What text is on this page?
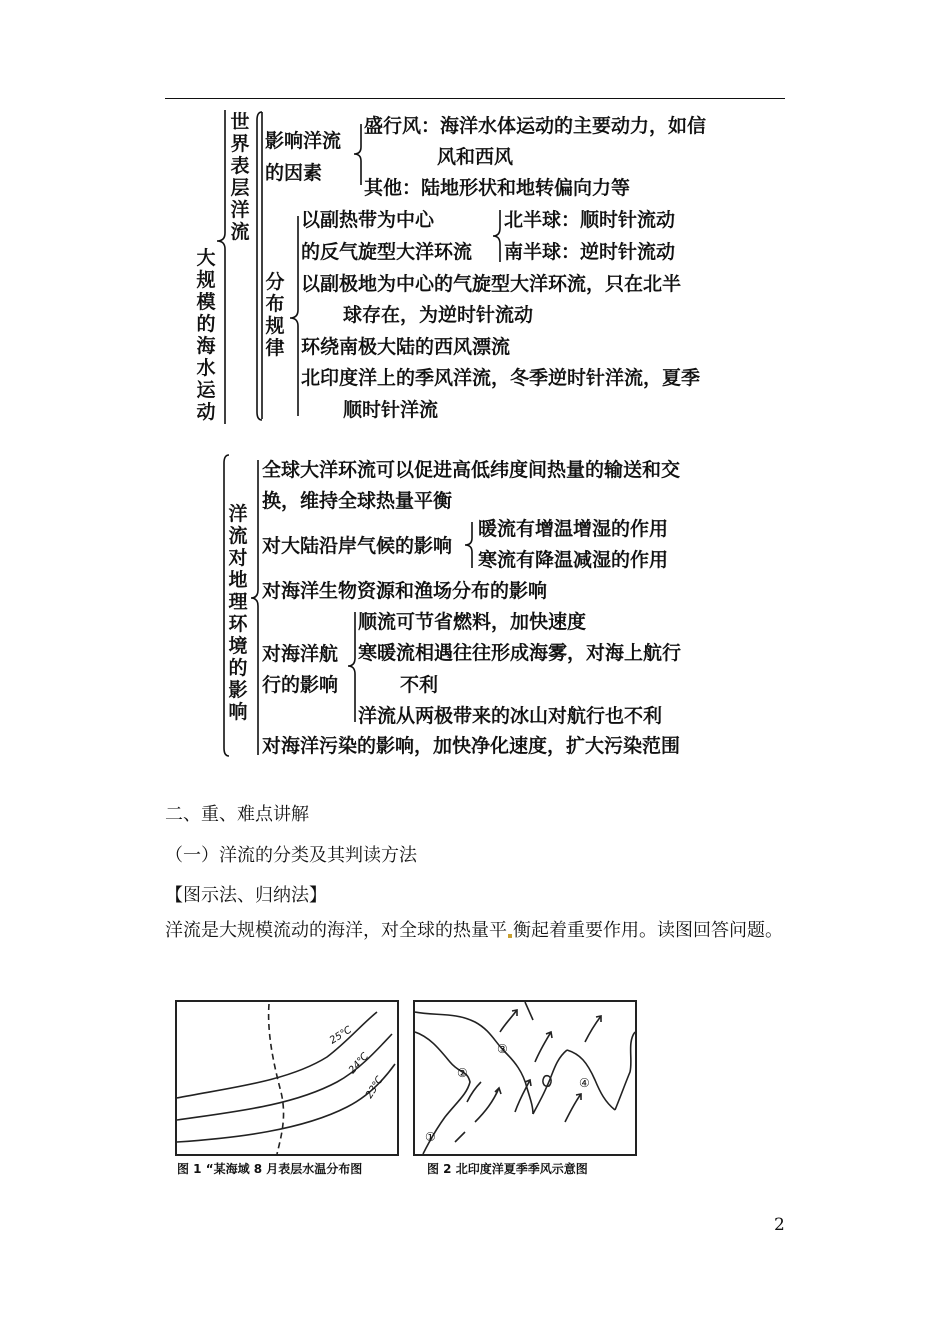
大规模的海水运动
世界表层洋流
影响洋流
的因素
盛行风：海洋水体运动的主要动力，如信
风和西风
其他：陆地形状和地转偏向力等
分布规律
以副热带为中心
的反气旋型大洋环流
北半球：顺时针流动
南半球：逆时针流动
以副极地为中心的气旋型大洋环流，只在北半
球存在，为逆时针流动
环绕南极大陆的西风漂流
北印度洋上的季风洋流，冬季逆时针洋流，夏季
顺时针洋流
洋流对地理环境的影响
全球大洋环流可以促进高低纬度间热量的输送和交
换，维持全球热量平衡
对大陆沿岸气候的影响
暖流有增温增湿的作用
寒流有降温减湿的作用
对海洋生物资源和渔场分布的影响
对海洋航
行的影响
顺流可节省燃料，加快速度
寒暖流相遇往往形成海雾，对海上航行
不利
洋流从两极带来的冰山对航行也不利
对海洋污染的影响，加快净化速度，扩大污染范围
二、重、难点讲解
（一）洋流的分类及其判读方法
【图示法、归纳法】
洋流是大规模流动的海洋，对全球的热量平 衡起着重要作用。读图回答问题。
25℃
24℃
23℃
图 1 “某海域 8 月表层水温分布图
①
②
③
④
图 2 北印度洋夏季季风示意图
2
